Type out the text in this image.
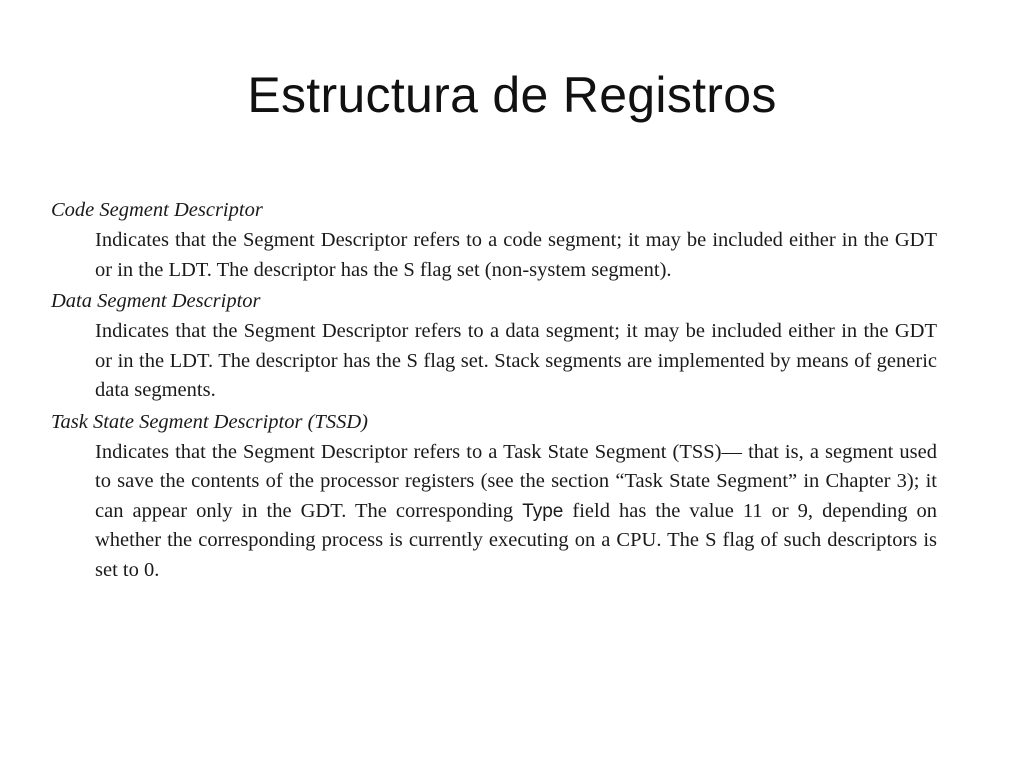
Estructura de Registros
Code Segment Descriptor
Indicates that the Segment Descriptor refers to a code segment; it may be included either in the GDT or in the LDT. The descriptor has the S flag set (non-system segment).
Data Segment Descriptor
Indicates that the Segment Descriptor refers to a data segment; it may be included either in the GDT or in the LDT. The descriptor has the S flag set. Stack segments are implemented by means of generic data segments.
Task State Segment Descriptor (TSSD)
Indicates that the Segment Descriptor refers to a Task State Segment (TSS)— that is, a segment used to save the contents of the processor registers (see the section “Task State Segment” in Chapter 3); it can appear only in the GDT. The corresponding Type field has the value 11 or 9, depending on whether the corresponding process is currently executing on a CPU. The S flag of such descriptors is set to 0.
